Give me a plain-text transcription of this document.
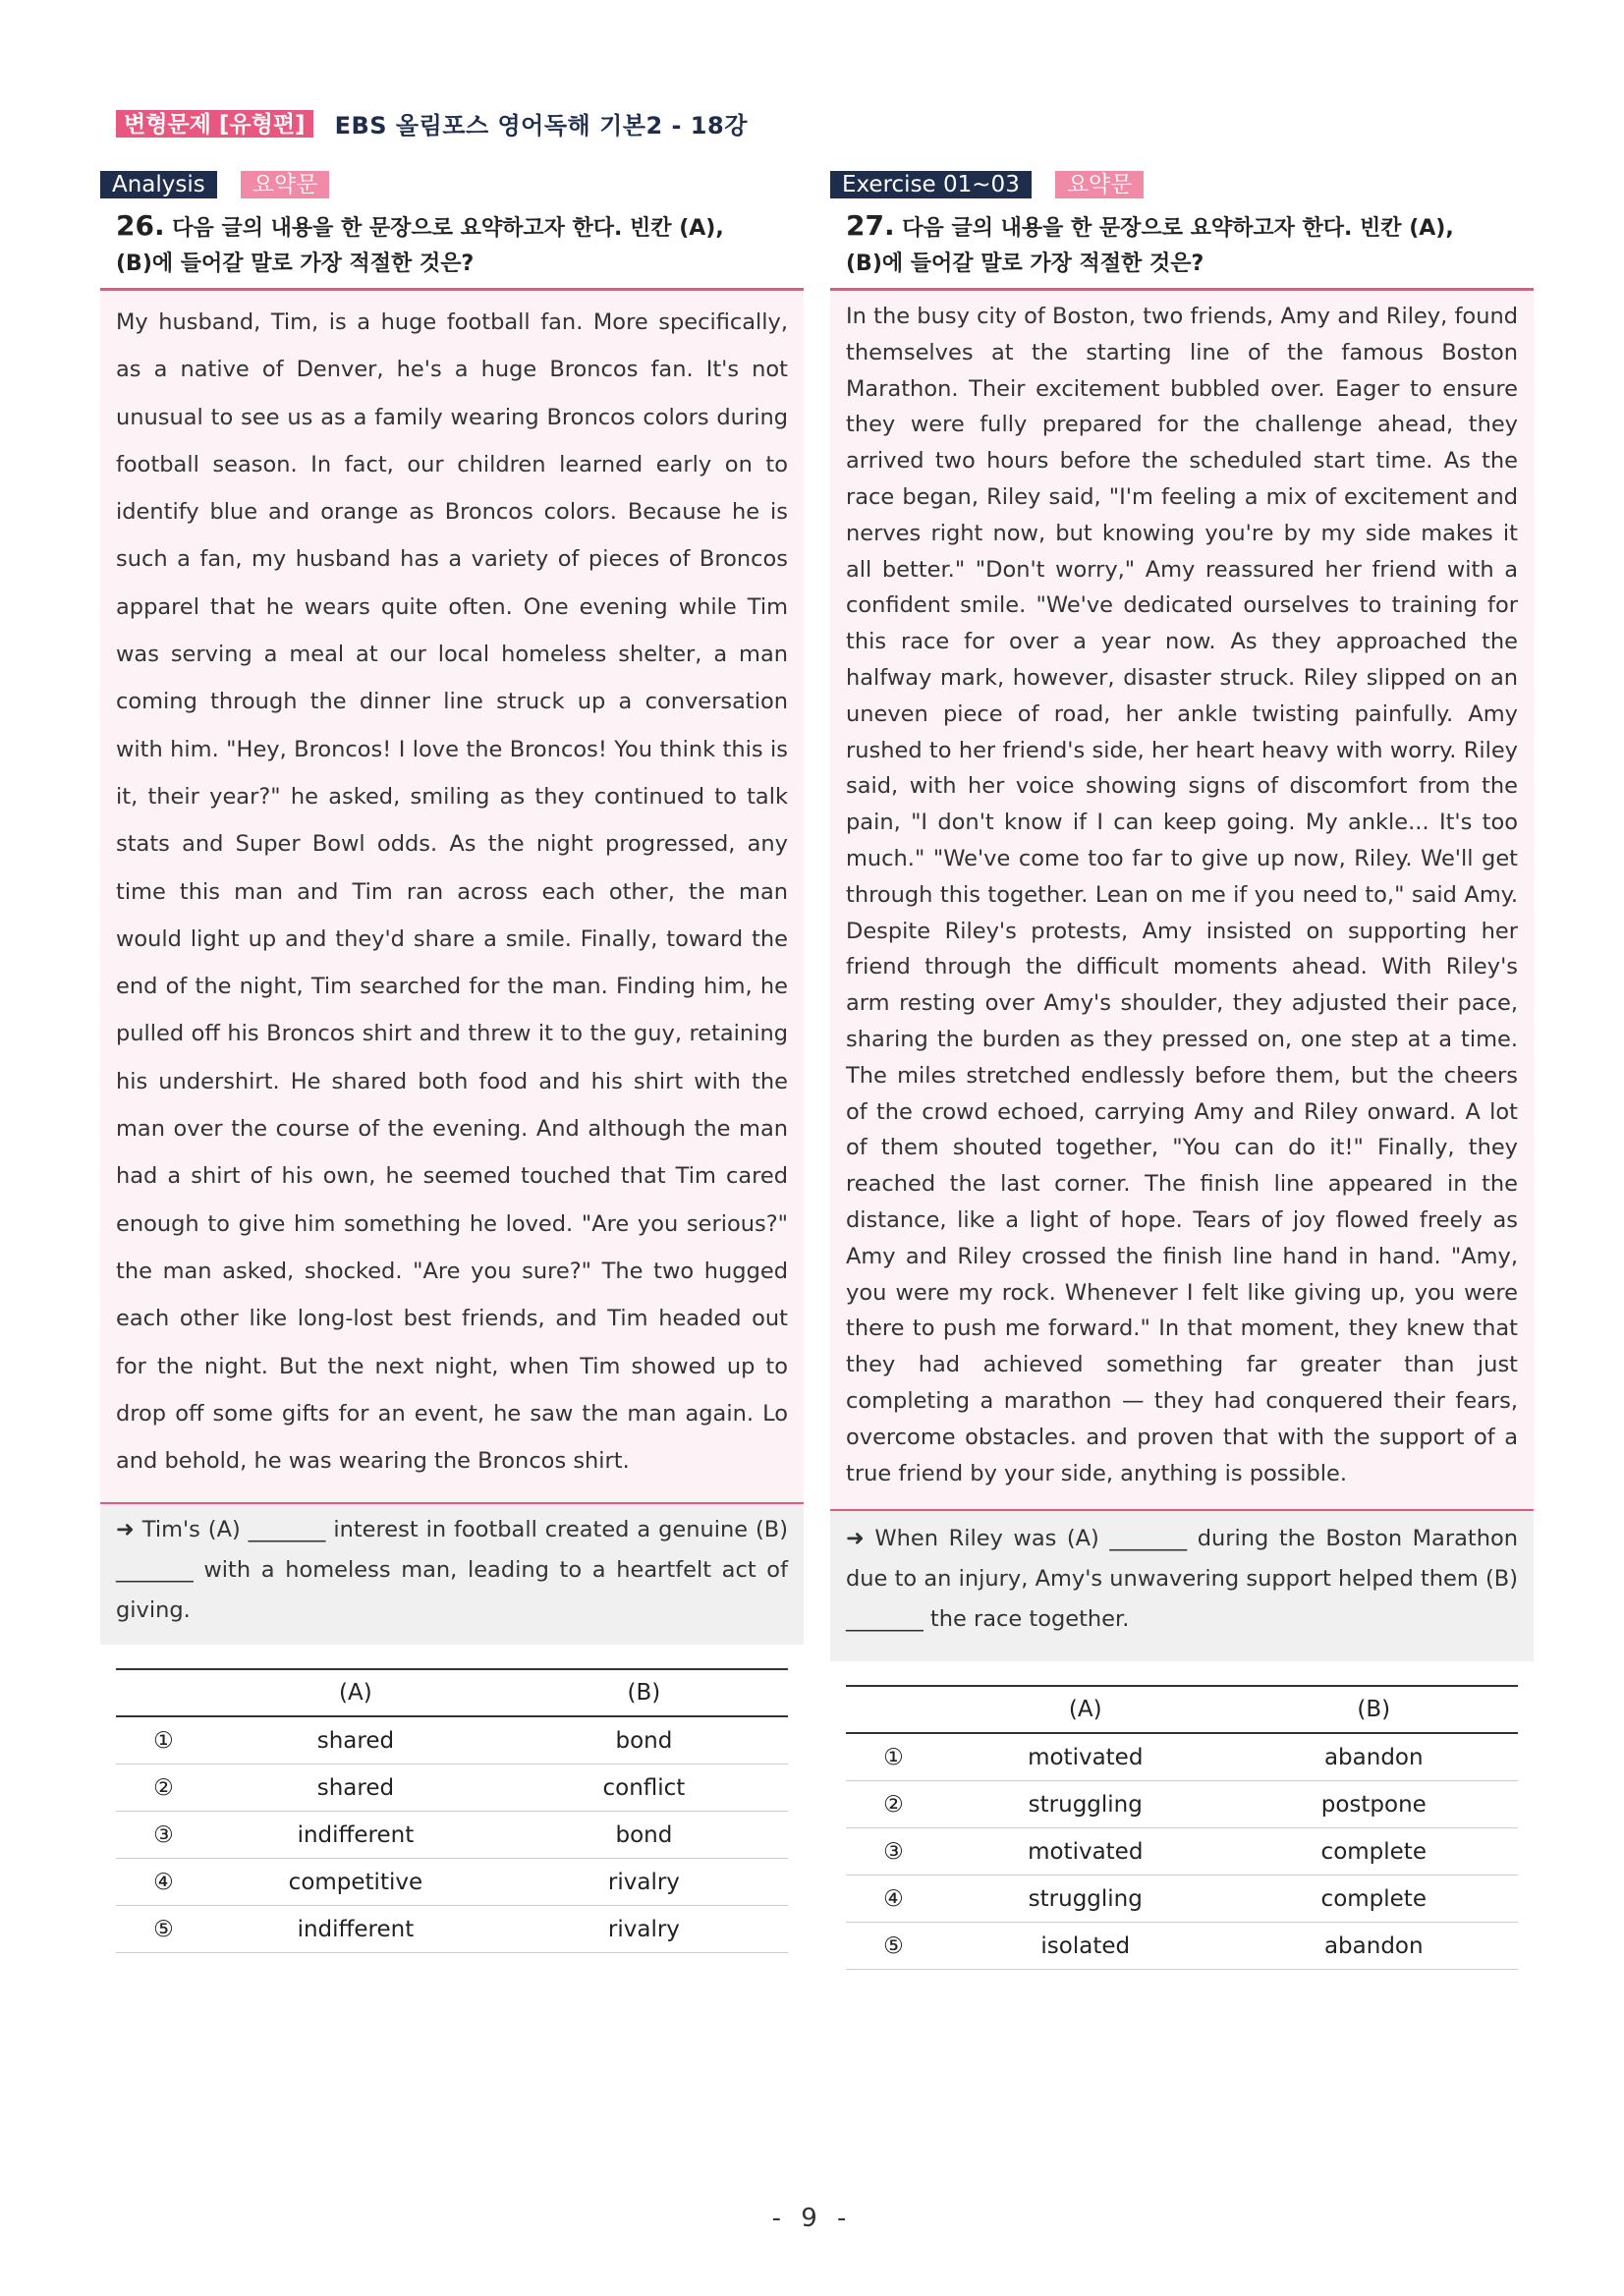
변형문제 [유형편]	EBS 올림포스 영어독해 기본2 - 18강
Analysis	요약문
26. 다음 글의 내용을 한 문장으로 요약하고자 한다. 빈칸 (A),
(B)에 들어갈 말로 가장 적절한 것은?
My husband, Tim, is a huge football fan. More specifically, as a native of Denver, he's a huge Broncos fan. It's not unusual to see us as a family wearing Broncos colors during football season. In fact, our children learned early on to identify blue and orange as Broncos colors. Because he is such a fan, my husband has a variety of pieces of Broncos apparel that he wears quite often. One evening while Tim was serving a meal at our local homeless shelter, a man coming through the dinner line struck up a conversation with him. "Hey, Broncos! I love the Broncos! You think this is it, their year?" he asked, smiling as they continued to talk stats and Super Bowl odds. As the night progressed, any time this man and Tim ran across each other, the man would light up and they'd share a smile. Finally, toward the end of the night, Tim searched for the man. Finding him, he pulled off his Broncos shirt and threw it to the guy, retaining his undershirt. He shared both food and his shirt with the man over the course of the evening. And although the man had a shirt of his own, he seemed touched that Tim cared enough to give him something he loved. "Are you serious?" the man asked, shocked. "Are you sure?" The two hugged each other like long-lost best friends, and Tim headed out for the night. But the next night, when Tim showed up to drop off some gifts for an event, he saw the man again. Lo and behold, he was wearing the Broncos shirt.
➜ Tim's (A) _______ interest in football created a genuine (B) _______ with a homeless man, leading to a heartfelt act of giving.
	(A)	(B)
①	shared	bond
②	shared	conflict
③	indifferent	bond
④	competitive	rivalry
⑤	indifferent	rivalry
Exercise 01~03	요약문
27. 다음 글의 내용을 한 문장으로 요약하고자 한다. 빈칸 (A),
(B)에 들어갈 말로 가장 적절한 것은?
In the busy city of Boston, two friends, Amy and Riley, found themselves at the starting line of the famous Boston Marathon. Their excitement bubbled over. Eager to ensure they were fully prepared for the challenge ahead, they arrived two hours before the scheduled start time. As the race began, Riley said, "I'm feeling a mix of excitement and nerves right now, but knowing you're by my side makes it all better." "Don't worry," Amy reassured her friend with a confident smile. "We've dedicated ourselves to training for this race for over a year now. As they approached the halfway mark, however, disaster struck. Riley slipped on an uneven piece of road, her ankle twisting painfully. Amy rushed to her friend's side, her heart heavy with worry. Riley said, with her voice showing signs of discomfort from the pain, "I don't know if I can keep going. My ankle... It's too much." "We've come too far to give up now, Riley. We'll get through this together. Lean on me if you need to," said Amy. Despite Riley's protests, Amy insisted on supporting her friend through the difficult moments ahead. With Riley's arm resting over Amy's shoulder, they adjusted their pace, sharing the burden as they pressed on, one step at a time. The miles stretched endlessly before them, but the cheers of the crowd echoed, carrying Amy and Riley onward. A lot of them shouted together, "You can do it!" Finally, they reached the last corner. The finish line appeared in the distance, like a light of hope. Tears of joy flowed freely as Amy and Riley crossed the finish line hand in hand. "Amy, you were my rock. Whenever I felt like giving up, you were there to push me forward." In that moment, they knew that they had achieved something far greater than just completing a marathon — they had conquered their fears, overcome obstacles. and proven that with the support of a true friend by your side, anything is possible.
➜ When Riley was (A) _______ during the Boston Marathon due to an injury, Amy's unwavering support helped them (B) _______ the race together.
	(A)	(B)
①	motivated	abandon
②	struggling	postpone
③	motivated	complete
④	struggling	complete
⑤	isolated	abandon
- 9 -
